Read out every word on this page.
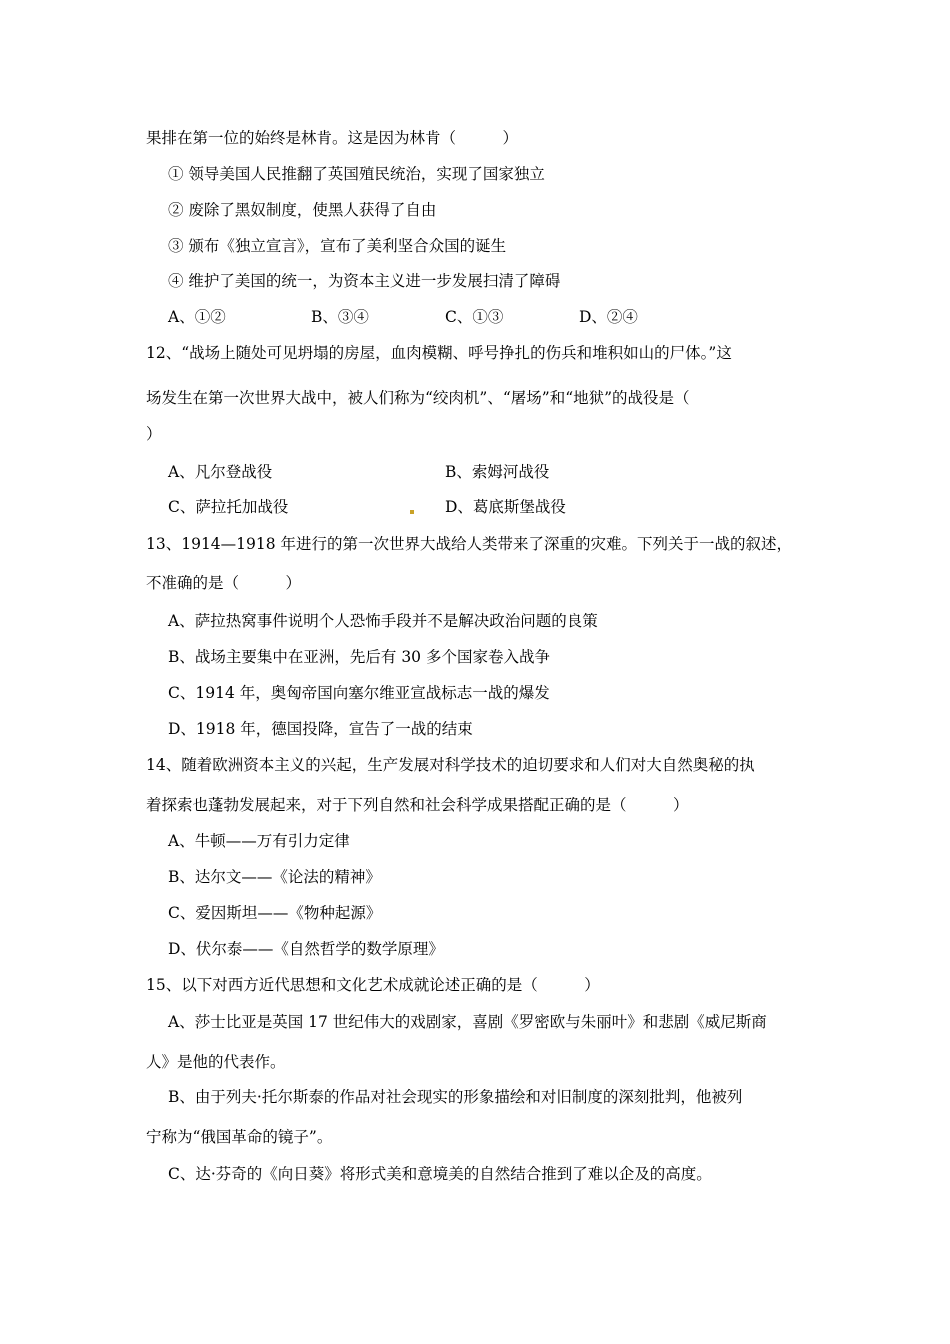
果排在第一位的始终是林肯。这是因为林肯（　　　）
① 领导美国人民推翻了英国殖民统治，实现了国家独立
② 废除了黑奴制度，使黑人获得了自由
③ 颁布《独立宣言》，宣布了美利坚合众国的诞生
④ 维护了美国的统一，为资本主义进一步发展扫清了障碍
A、①②	B、③④	C、①③	D、②④
12、“战场上随处可见坍塌的房屋，血肉模糊、呼号挣扎的伤兵和堆积如山的尸体。”这
场发生在第一次世界大战中，被人们称为“绞肉机”、“屠场”和“地狱”的战役是（
）
A、凡尔登战役	B、索姆河战役
C、萨拉托加战役	D、葛底斯堡战役
13、1914—1918 年进行的第一次世界大战给人类带来了深重的灾难。下列关于一战的叙述，
不准确的是（　　　）
A、萨拉热窝事件说明个人恐怖手段并不是解决政治问题的良策
B、战场主要集中在亚洲，先后有 30 多个国家卷入战争
C、1914 年，奥匈帝国向塞尔维亚宣战标志一战的爆发
D、1918 年，德国投降，宣告了一战的结束
14、随着欧洲资本主义的兴起，生产发展对科学技术的迫切要求和人们对大自然奥秘的执
着探索也蓬勃发展起来，对于下列自然和社会科学成果搭配正确的是（　　　）
A、牛顿——万有引力定律
B、达尔文——《论法的精神》
C、爱因斯坦——《物种起源》
D、伏尔泰——《自然哲学的数学原理》
15、以下对西方近代思想和文化艺术成就论述正确的是（　　　）
A、莎士比亚是英国 17 世纪伟大的戏剧家，喜剧《罗密欧与朱丽叶》和悲剧《威尼斯商
人》是他的代表作。
B、由于列夫·托尔斯泰的作品对社会现实的形象描绘和对旧制度的深刻批判，他被列
宁称为“俄国革命的镜子”。
C、达·芬奇的《向日葵》将形式美和意境美的自然结合推到了难以企及的高度。
